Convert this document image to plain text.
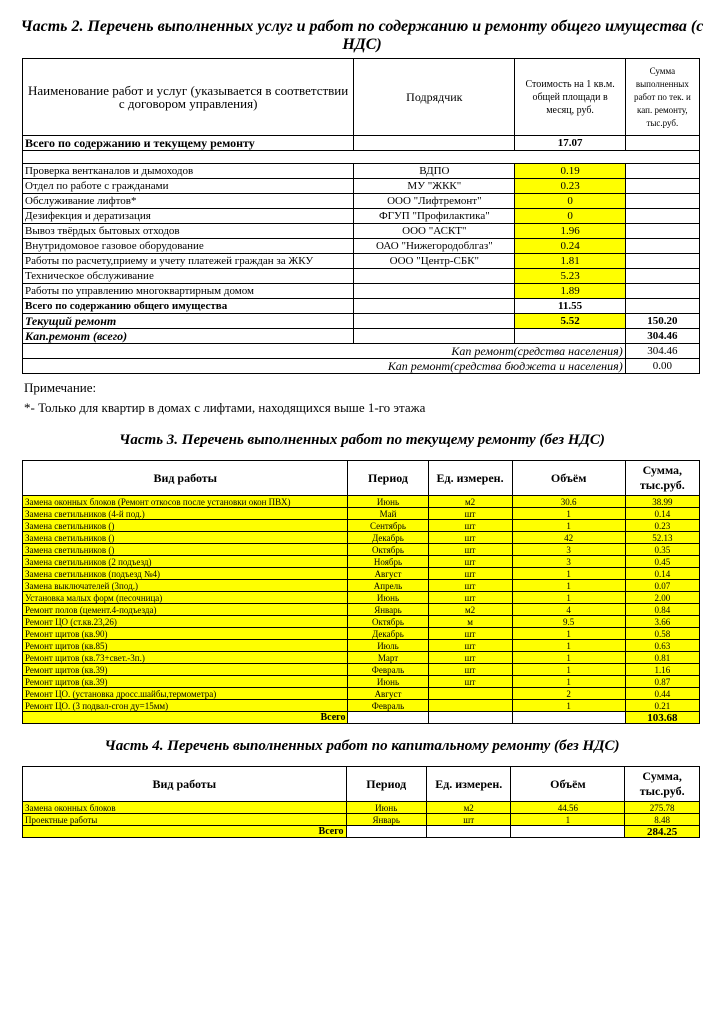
Часть 2. Перечень выполненных услуг и работ по содержанию и ремонту общего имущества (с НДС)
Наименование работ и услуг (указывается в соответствии с договором управления)	Подрядчик	Стоимость на 1 кв.м. общей площади в месяц, руб.	Сумма выполненных работ по тек. и кап. ремонту, тыс.руб.
Всего по содержанию и текущему ремонту		17.07	

Проверка вентканалов и дымоходов	ВДПО	0.19	
Отдел по работе с гражданами	МУ "ЖКК"	0.23	
Обслуживание лифтов*	ООО "Лифтремонт"	0	
Дезифекция и дератизация	ФГУП "Профилактика"	0	
Вывоз твёрдых бытовых отходов	ООО "АСКТ"	1.96	
Внутридомовое газовое оборудование	ОАО "Нижегородоблгаз"	0.24	
Работы по расчету,приему и учету платежей граждан за ЖКУ	ООО "Центр-СБК"	1.81	
Техническое обслуживание		5.23	
Работы по управлению многоквартирным домом		1.89	
Всего по содержанию общего имущества		11.55	
Текущий ремонт		5.52	150.20
Кап.ремонт (всего)			304.46
Кап ремонт(средства населения)			304.46
Кап ремонт(средства бюджета и населения)			0.00
Примечание:
*- Только для квартир в домах с лифтами, находящихся выше 1-го этажа
Часть 3. Перечень выполненных работ по текущему ремонту (без НДС)
Вид работы	Период	Ед. измерен.	Объём	Сумма, тыс.руб.
Замена оконных блоков (Ремонт откосов после установки окон ПВХ)	Июнь	м2	30.6	38.99
Замена светильников (4-й под.)	Май	шт	1	0.14
Замена светильников ()	Сентябрь	шт	1	0.23
Замена светильников ()	Декабрь	шт	42	52.13
Замена светильников ()	Октябрь	шт	3	0.35
Замена светильников (2 подъезд)	Ноябрь	шт	3	0.45
Замена светильников (подъезд №4)	Август	шт	1	0.14
Замена выключателей (3под.)	Апрель	шт	1	0.07
Установка малых форм (песочница)	Июнь	шт	1	2.00
Ремонт полов (цемент.4-подъезда)	Январь	м2	4	0.84
Ремонт ЦО (ст.кв.23,26)	Октябрь	м	9.5	3.66
Ремонт щитов (кв.90)	Декабрь	шт	1	0.58
Ремонт щитов (кв.85)	Июль	шт	1	0.63
Ремонт щитов (кв.73+свет.-3п.)	Март	шт	1	0.81
Ремонт щитов (кв.39)	Февраль	шт	1	1.16
Ремонт щитов (кв.39)	Июнь	шт	1	0.87
Ремонт ЦО. (установка дросс.шайбы,термометра)	Август		2	0.44
Ремонт ЦО. (3 подвал-сгон ду=15мм)	Февраль		1	0.21
Всего				103.68
Часть 4. Перечень выполненных работ по капитальному ремонту (без НДС)
Вид работы	Период	Ед. измерен.	Объём	Сумма, тыс.руб.
Замена оконных блоков	Июнь	м2	44.56	275.78
Проектные работы	Январь	шт	1	8.48
Всего				284.25
